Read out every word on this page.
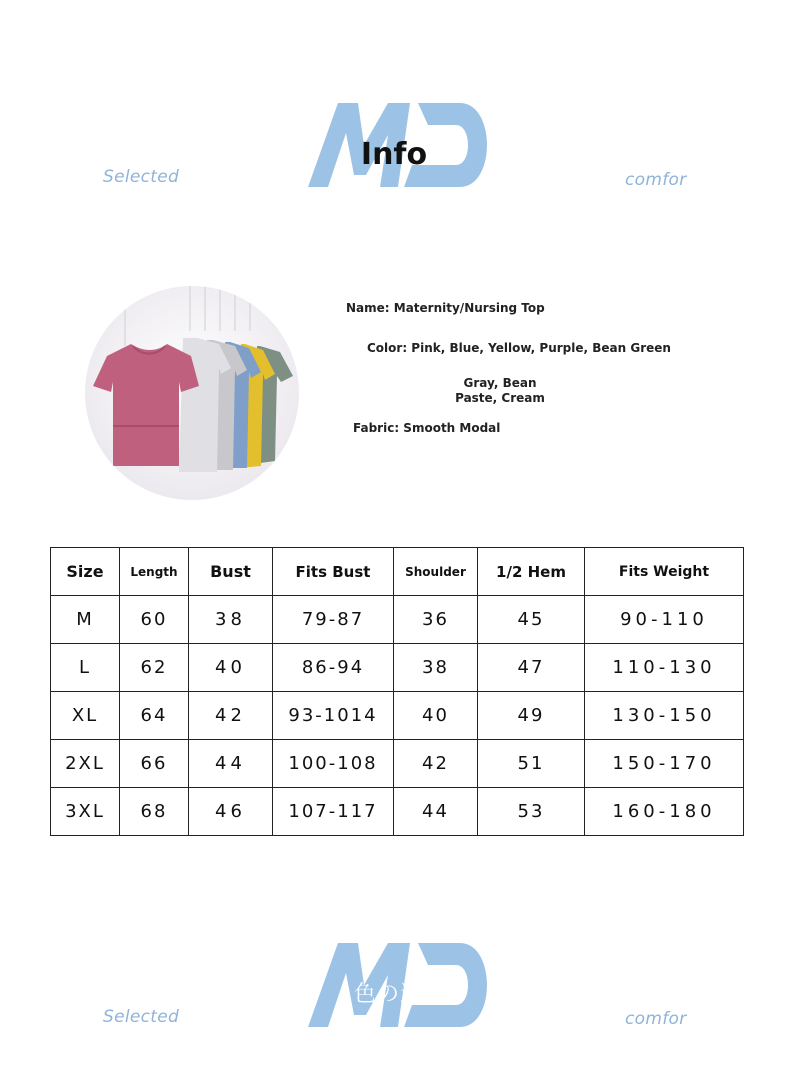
Selected
Info
comfor
Name: Maternity/Nursing Top
Color: Pink, Blue, Yellow, Purple, Bean Green
Gray, Bean
Paste, Cream
Fabric: Smooth Modal
Size	Length	Bust	Fits Bust	Shoulder	1/2 Hem	Fits Weight
M	60	38	79-87	36	45	90-110
L	62	40	86-94	38	47	110-130
XL	64	42	93-1014	40	49	130-150
2XL	66	44	100-108	42	51	150-170
3XL	68	46	107-117	44	53	160-180
Selected
色の選択
comfor
